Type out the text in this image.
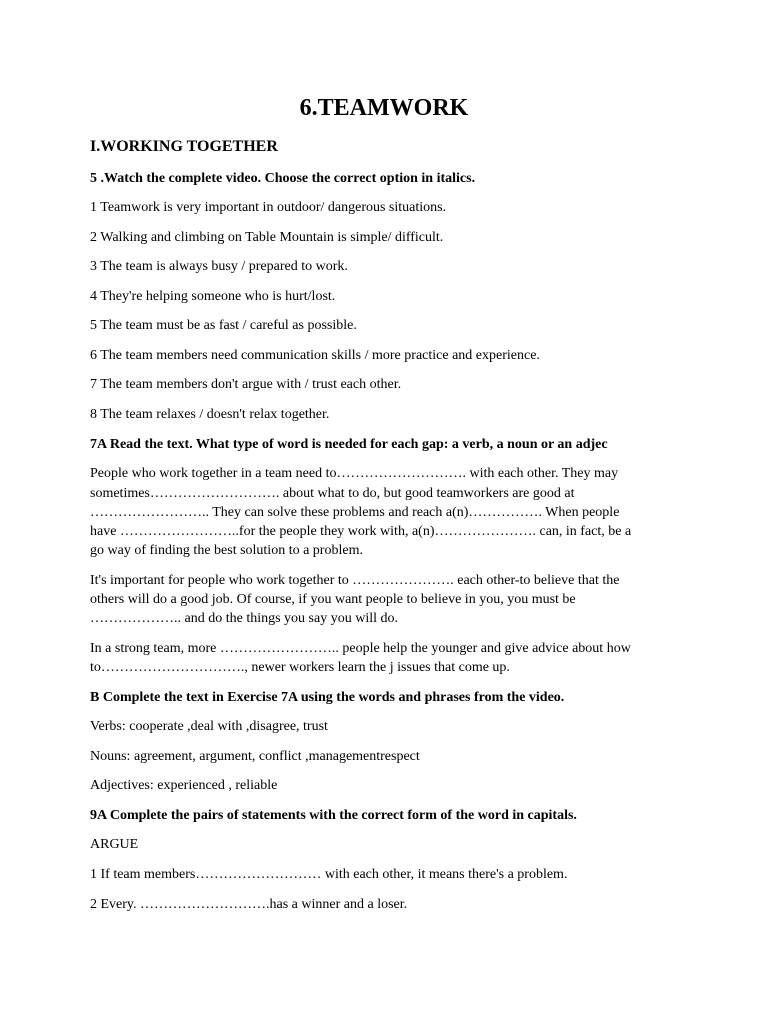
6.TEAMWORK
I.WORKING TOGETHER
5 .Watch the complete video. Choose the correct option in italics.
1 Teamwork is very important in outdoor/ dangerous situations.
2 Walking and climbing on Table Mountain is simple/ difficult.
3 The team is always busy / prepared to work.
4 They're helping someone who is hurt/lost.
5 The team must be as fast / careful as possible.
6 The team members need communication skills / more practice and experience.
7 The team members don't argue with / trust each other.
8 The team relaxes / doesn't relax together.
7A Read the text. What type of word is needed for each gap: a verb, a noun or an adjec
People who work together in a team need to………………………. with each other. They may
sometimes………………………. about what to do, but good teamworkers are good at
…………………….. They can solve these problems and reach a(n)……………. When people
have ……………………..for the people they work with, a(n)…………………. can, in fact, be a
go way of finding the best solution to a problem.
It's important for people who work together to …………………. each other-to believe that the
others will do a good job. Of course, if you want people to believe in you, you must be
……………….. and do the things you say you will do.
In a strong team, more …………………….. people help the younger and give advice about how
to…………………………., newer workers learn the j issues that come up.
B Complete the text in Exercise 7A using the words and phrases from the video.
Verbs: cooperate ,deal with ,disagree, trust
Nouns: agreement, argument, conflict ,managementrespect
Adjectives: experienced , reliable
9A Complete the pairs of statements with the correct form of the word in capitals.
ARGUE
1 If team members……………………… with each other, it means there's a problem.
2 Every. ……………………….has a winner and a loser.
